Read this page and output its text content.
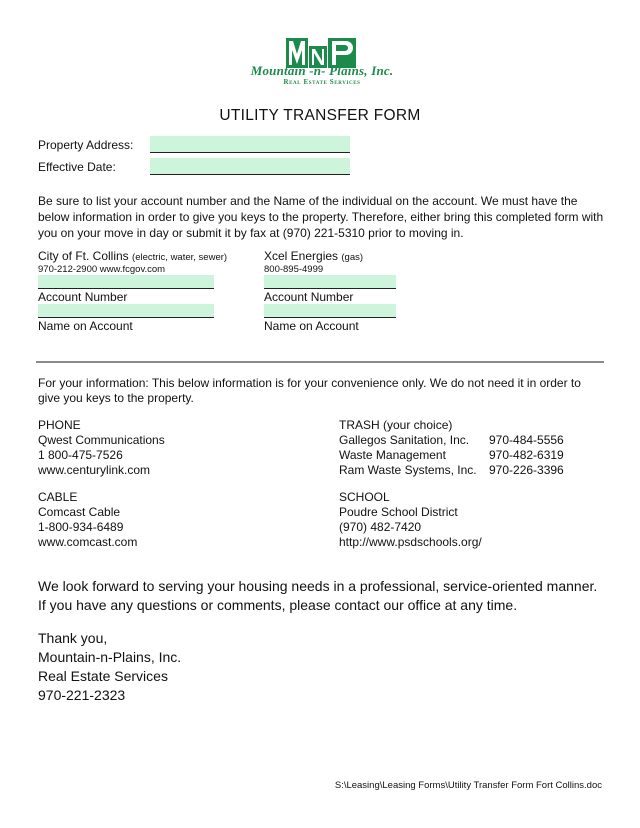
Mountain -n- Plains, Inc.
Real Estate Services
UTILITY TRANSFER FORM
Property Address:
Effective Date:
Be sure to list your account number and the Name of the individual on the account. We must have the below information in order to give you keys to the property. Therefore, either bring this completed form with you on your move in day or submit it by fax at (970) 221-5310 prior to moving in.
City of Ft. Collins (electric, water, sewer)
970-212-2900 www.fcgov.com
Account Number
Name on Account
Xcel Energies (gas)
800-895-4999
Account Number
Name on Account
For your information: This below information is for your convenience only. We do not need it in order to give you keys to the property.
PHONE
Qwest Communications
1 800-475-7526
www.centurylink.com
TRASH (your choice)
Gallegos Sanitation, Inc. 970-484-5556
Waste Management	970-482-6319
Ram Waste Systems, Inc. 970-226-3396
CABLE
Comcast Cable
1-800-934-6489
www.comcast.com
SCHOOL
Poudre School District
(970) 482-7420
http://www.psdschools.org/
We look forward to serving your housing needs in a professional, service-oriented manner. If you have any questions or comments, please contact our office at any time.
Thank you,
Mountain-n-Plains, Inc.
Real Estate Services
970-221-2323
S:\Leasing\Leasing Forms\Utility Transfer Form Fort Collins.doc
